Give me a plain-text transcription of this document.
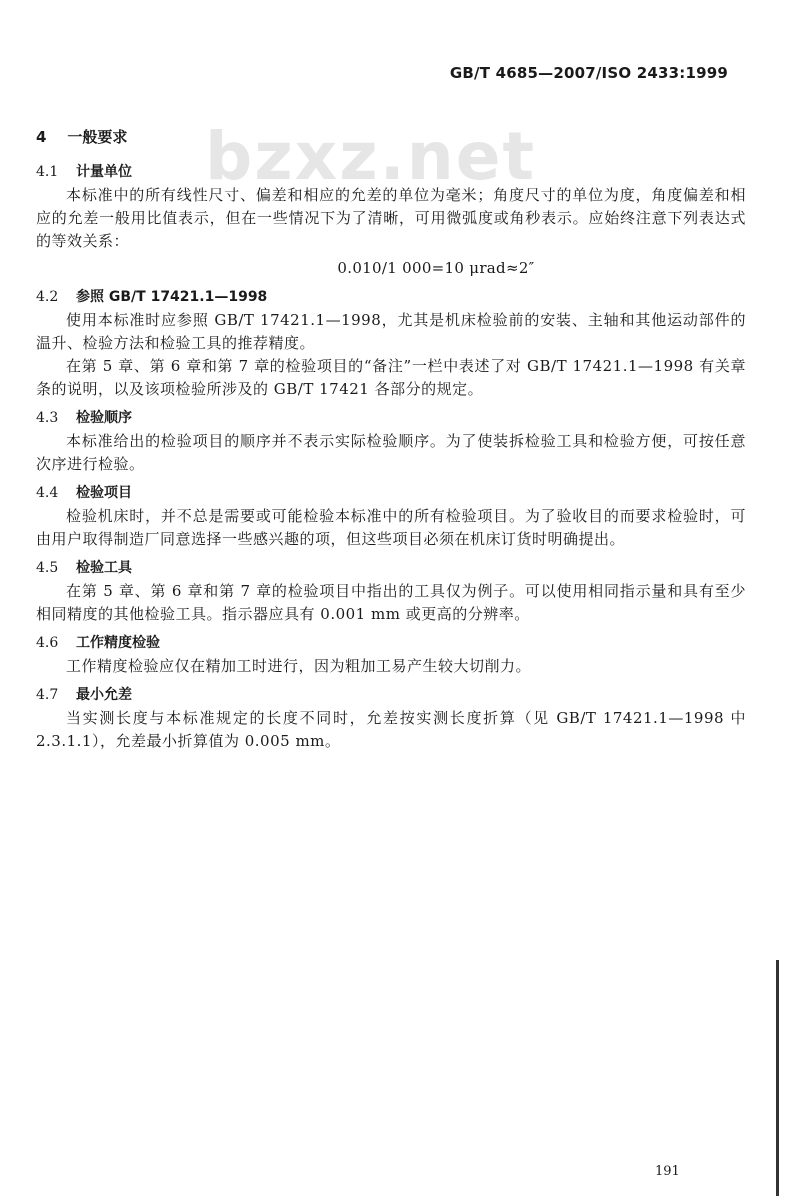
GB/T 4685—2007/ISO 2433:1999
bzxz.net
4 一般要求
4.1 计量单位
本标准中的所有线性尺寸、偏差和相应的允差的单位为毫米；角度尺寸的单位为度，角度偏差和相应的允差一般用比值表示，但在一些情况下为了清晰，可用微弧度或角秒表示。应始终注意下列表达式的等效关系：
0.010/1 000=10 μrad≈2″
4.2 参照 GB/T 17421.1—1998
使用本标准时应参照 GB/T 17421.1—1998，尤其是机床检验前的安装、主轴和其他运动部件的温升、检验方法和检验工具的推荐精度。
在第 5 章、第 6 章和第 7 章的检验项目的“备注”一栏中表述了对 GB/T 17421.1—1998 有关章条的说明，以及该项检验所涉及的 GB/T 17421 各部分的规定。
4.3 检验顺序
本标准给出的检验项目的顺序并不表示实际检验顺序。为了使装拆检验工具和检验方便，可按任意次序进行检验。
4.4 检验项目
检验机床时，并不总是需要或可能检验本标准中的所有检验项目。为了验收目的而要求检验时，可由用户取得制造厂同意选择一些感兴趣的项，但这些项目必须在机床订货时明确提出。
4.5 检验工具
在第 5 章、第 6 章和第 7 章的检验项目中指出的工具仅为例子。可以使用相同指示量和具有至少相同精度的其他检验工具。指示器应具有 0.001 mm 或更高的分辨率。
4.6 工作精度检验
工作精度检验应仅在精加工时进行，因为粗加工易产生较大切削力。
4.7 最小允差
当实测长度与本标准规定的长度不同时，允差按实测长度折算（见 GB/T 17421.1—1998 中 2.3.1.1），允差最小折算值为 0.005 mm。
191
